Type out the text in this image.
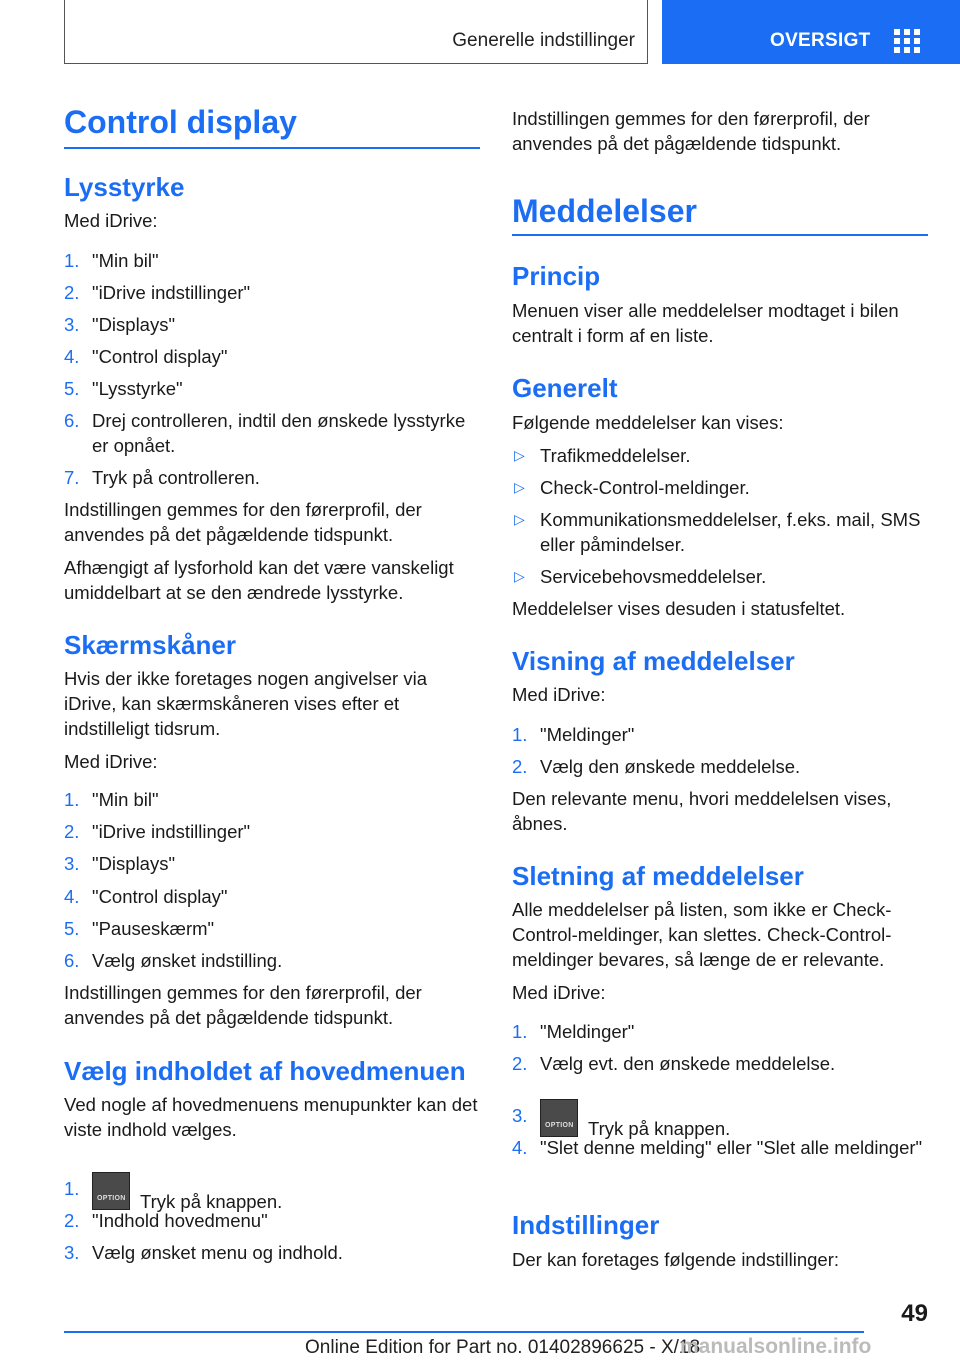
Generelle indstillinger	OVERSIGT
Control display
Lysstyrke

Med iDrive:

1. "Min bil"
2. "iDrive indstillinger"
3. "Displays"
4. "Control display"
5. "Lysstyrke"
6. Drej controlleren, indtil den ønskede lysstyrke er opnået.
7. Tryk på controlleren.

Indstillingen gemmes for den førerprofil, der anvendes på det pågældende tidspunkt.

Afhængigt af lysforhold kan det være vanskeligt umiddelbart at se den ændrede lysstyrke.

Skærmskåner

Hvis der ikke foretages nogen angivelser via iDrive, kan skærmskåneren vises efter et indstilleligt tidsrum.

Med iDrive:

1. "Min bil"
2. "iDrive indstillinger"
3. "Displays"
4. "Control display"
5. "Pauseskærm"
6. Vælg ønsket indstilling.

Indstillingen gemmes for den førerprofil, der anvendes på det pågældende tidspunkt.

Vælg indholdet af hovedmenuen

Ved nogle af hovedmenuens menupunkter kan det viste indhold vælges.

1.	OPTION Tryk på knappen.
2. "Indhold hovedmenu"
3. Vælg ønsket menu og indhold.

Indstillingen gemmes for den førerprofil, der anvendes på det pågældende tidspunkt.

Meddelelser
Princip

Menuen viser alle meddelelser modtaget i bilen centralt i form af en liste.

Generelt

Følgende meddelelser kan vises:

▷ Trafikmeddelelser.
▷ Check-Control-meldinger.
▷ Kommunikationsmeddelelser, f.eks. mail, SMS eller påmindelser.
▷ Servicebehovsmeddelelser.

Meddelelser vises desuden i statusfeltet.

Visning af meddelelser

Med iDrive:

1. "Meldinger"
2. Vælg den ønskede meddelelse.

Den relevante menu, hvori meddelelsen vises, åbnes.

Sletning af meddelelser

Alle meddelelser på listen, som ikke er Check-Control-meldinger, kan slettes. Check-Control-meldinger bevares, så længe de er relevante.

Med iDrive:

1. "Meldinger"
2. Vælg evt. den ønskede meddelelse.
3.	OPTION Tryk på knappen.
4. "Slet denne melding" eller "Slet alle meldinger"
Indstillinger

Der kan foretages følgende indstillinger:

49
Online Edition for Part no. 01402896625 - X/18
manualsonline.info
